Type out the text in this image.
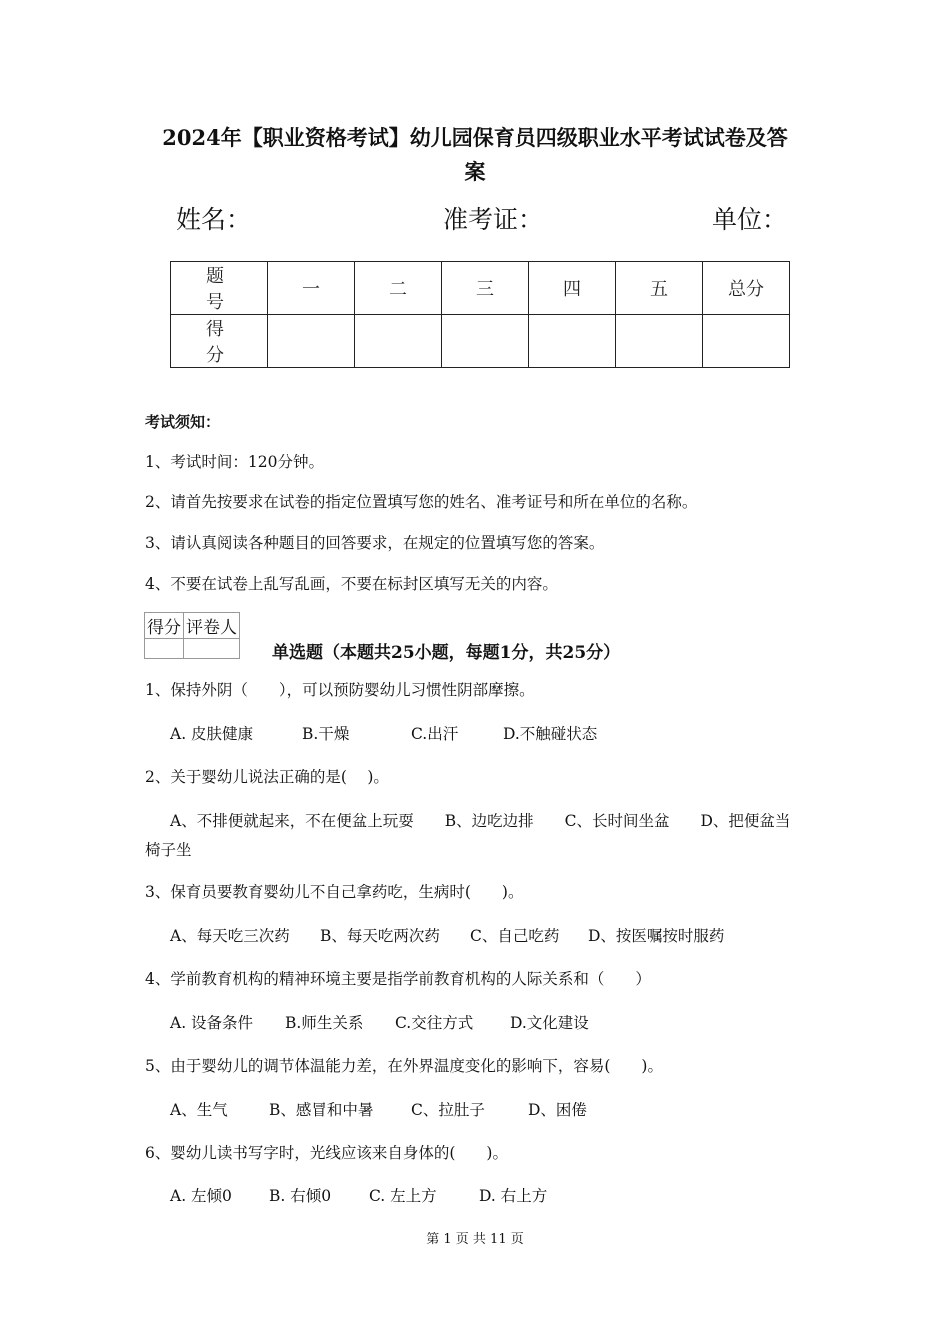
2024年【职业资格考试】幼儿园保育员四级职业水平考试试卷及答
案
姓名：	准考证：	单位：
题　号	一	二	三	四	五	总分
得　分						
考试须知：
1、考试时间：120分钟。
2、请首先按要求在试卷的指定位置填写您的姓名、准考证号和所在单位的名称。
3、请认真阅读各种题目的回答要求，在规定的位置填写您的答案。
4、不要在试卷上乱写乱画，不要在标封区填写无关的内容。
得分	评卷人

单选题（本题共25小题，每题1分，共25分）
1、保持外阴（　　），可以预防婴幼儿习惯性阴部摩擦。
A. 皮肤健康	B.干燥	C.出汗	D.不触碰状态
2、关于婴幼儿说法正确的是(　 )。
A、不排便就起来，不在便盆上玩耍　　B、边吃边排　　C、长时间坐盆　　D、把便盆当
椅子坐
3、保育员要教育婴幼儿不自己拿药吃，生病时(　　)。
A、每天吃三次药 B、每天吃两次药 C、自己吃药 D、按医嘱按时服药
4、学前教育机构的精神环境主要是指学前教育机构的人际关系和（　　）
A. 设备条件 B.师生关系 C.交往方式 D.文化建设
5、由于婴幼儿的调节体温能力差，在外界温度变化的影响下，容易(　　)。
A、生气	B、感冒和中暑 C、拉肚子	D、困倦
6、婴幼儿读书写字时，光线应该来自身体的(　　)。
A. 左倾0 B. 右倾0 C. 左上方	D. 右上方
第 1 页 共 11 页
